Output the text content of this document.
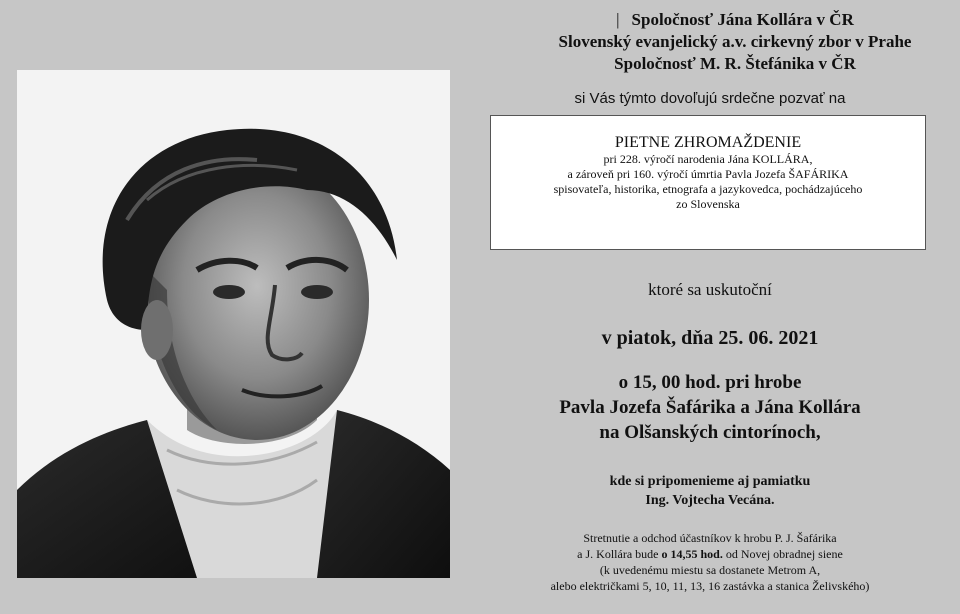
| Spoločnosť Jána Kollára v ČR
Slovenský evanjelický a.v. cirkevný zbor v Prahe
Spoločnosť M. R. Štefánika v ČR
si Vás týmto dovoľujú srdečne pozvať na
PIETNE ZHROMAŽDENIE
pri 228. výročí narodenia Jána KOLLÁRA,
a zároveň pri 160. výročí úmrtia Pavla Jozefa ŠAFÁRIKA
spisovateľa, historika, etnografa a jazykovedca, pochádzajúceho
zo Slovenska
ktoré sa uskutoční
v piatok, dňa 25. 06. 2021
o 15, 00 hod. pri hrobe
Pavla Jozefa Šafárika a Jána Kollára
na Olšanských cintorínoch,
kde si pripomenieme aj pamiatku
Ing. Vojtecha Vecána.
Stretnutie a odchod účastníkov k hrobu P. J. Šafárika
a J. Kollára bude o 14,55 hod. od Novej obradnej siene
(k uvedenému miestu sa dostanete Metrom A,
alebo električkami 5, 10, 11, 13, 16 zastávka a stanica Želivského)
